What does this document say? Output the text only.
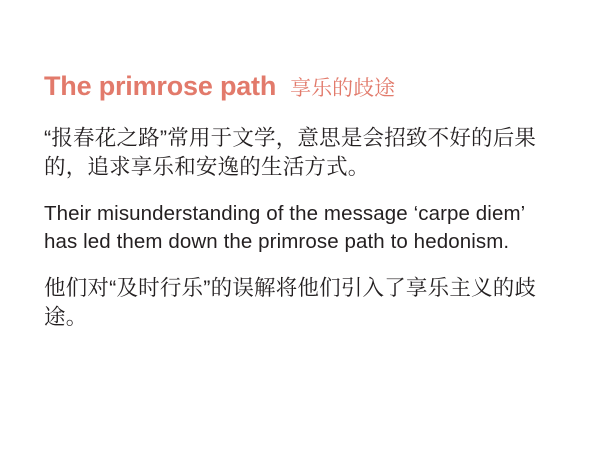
The primrose path 享乐的歧途

“报春花之路”常用于文学，意思是会招致不好的后果的，追求享乐和安逸的生活方式。

Their misunderstanding of the message ‘carpe diem’ has led them down the primrose path to hedonism.

他们对“及时行乐”的误解将他们引入了享乐主义的歧途。
